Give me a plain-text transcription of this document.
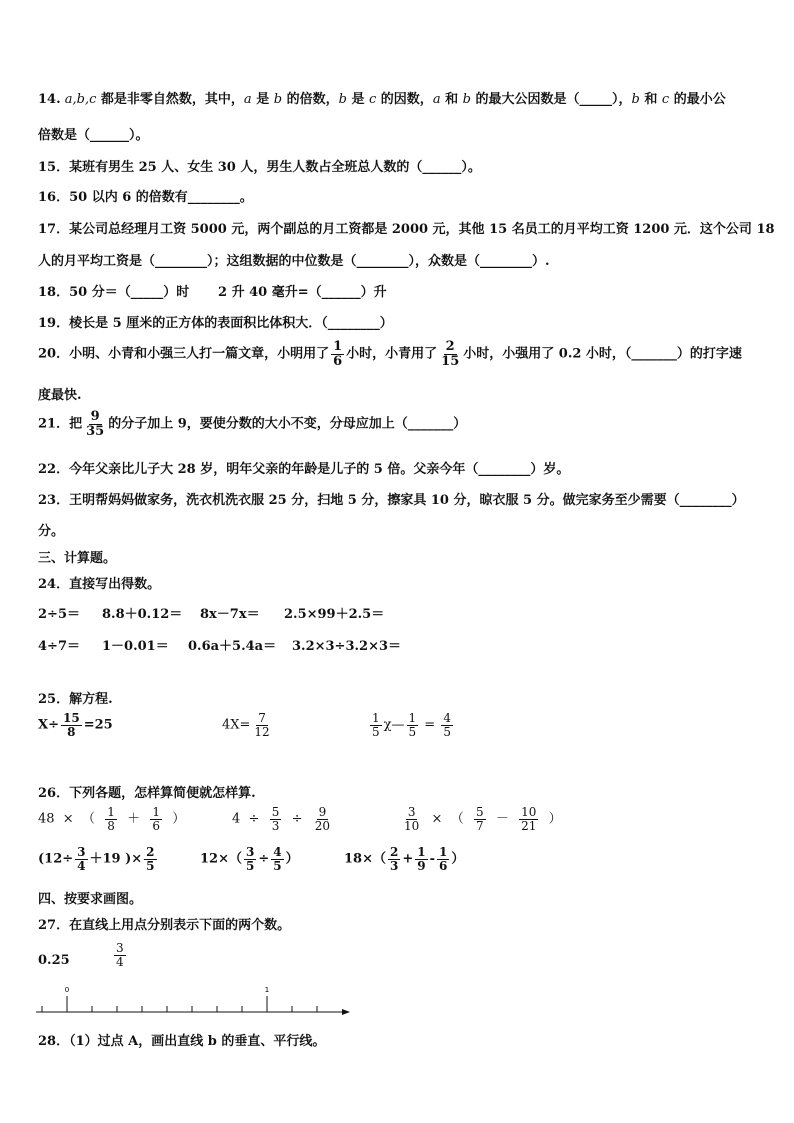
14. a,b,c 都是非零自然数，其中，a 是 b 的倍数，b 是 c 的因数，a 和 b 的最大公因数是（_____），b 和 c 的最小公
倍数是（______）。
15．某班有男生 25 人、女生 30 人，男生人数占全班总人数的（______）。
16．50 以内 6 的倍数有________。
17．某公司总经理月工资 5000 元，两个副总的月工资都是 2000 元，其他 15 名员工的月平均工资 1200 元．这个公司 18
人的月平均工资是（________）；这组数据的中位数是（________），众数是（________）.
18．50 分＝（_____）时 2 升 40 毫升=（______）升
19．棱长是 5 厘米的正方体的表面积比体积大．（________）
20．小明、小青和小强三人打一篇文章，小明用了 $\frac{1}{6}$ 小时，小青用了 $\frac{2}{15}$ 小时，小强用了 0.2 小时，（_______）的打字速
度最快.
21．把 $\frac{9}{35}$ 的分子加上 9，要使分数的大小不变，分母应加上（_______）
22．今年父亲比儿子大 28 岁，明年父亲的年龄是儿子的 5 倍。父亲今年（________）岁。
23．王明帮妈妈做家务，洗衣机洗衣服 25 分，扫地 5 分，擦家具 10 分，晾衣服 5 分。做完家务至少需要（________）
分。
三、计算题。
24．直接写出得数。
2÷5＝ 8.8＋0.12＝ 8x－7x＝ 2.5×99＋2.5＝
4÷7＝ 1－0.01＝ 0.6a＋5.4a＝ 3.2×3÷3.2×3＝
25．解方程.
$X\div \frac{15}{8} =25$	$4X= \frac{7}{12}$	$\frac{1}{5}$ χ— $\frac{1}{5} = \frac{4}{5}$
26．下列各题，怎样算简便就怎样算.
48  ×  （ $\frac{1}{8} + \frac{1}{6}$ ）	$4 \div \frac{5}{3} \div \frac{9}{20}$	$\frac{3}{10}$ ×  （ $\frac{5}{7} - \frac{10}{21}$ ）
($12\div \frac{3}{4} +19$ )× $\frac{2}{5}$	$12\times( \frac{3}{5} \div \frac{4}{5}$ ）	$18\times( \frac{2}{3} + \frac{1}{9} - \frac{1}{6}$ ）
四、按要求画图。
27．在直线上用点分别表示下面的两个数。
0.25	$\frac{3}{4}$
0	1
28．（1）过点 A，画出直线 b 的垂直、平行线。
